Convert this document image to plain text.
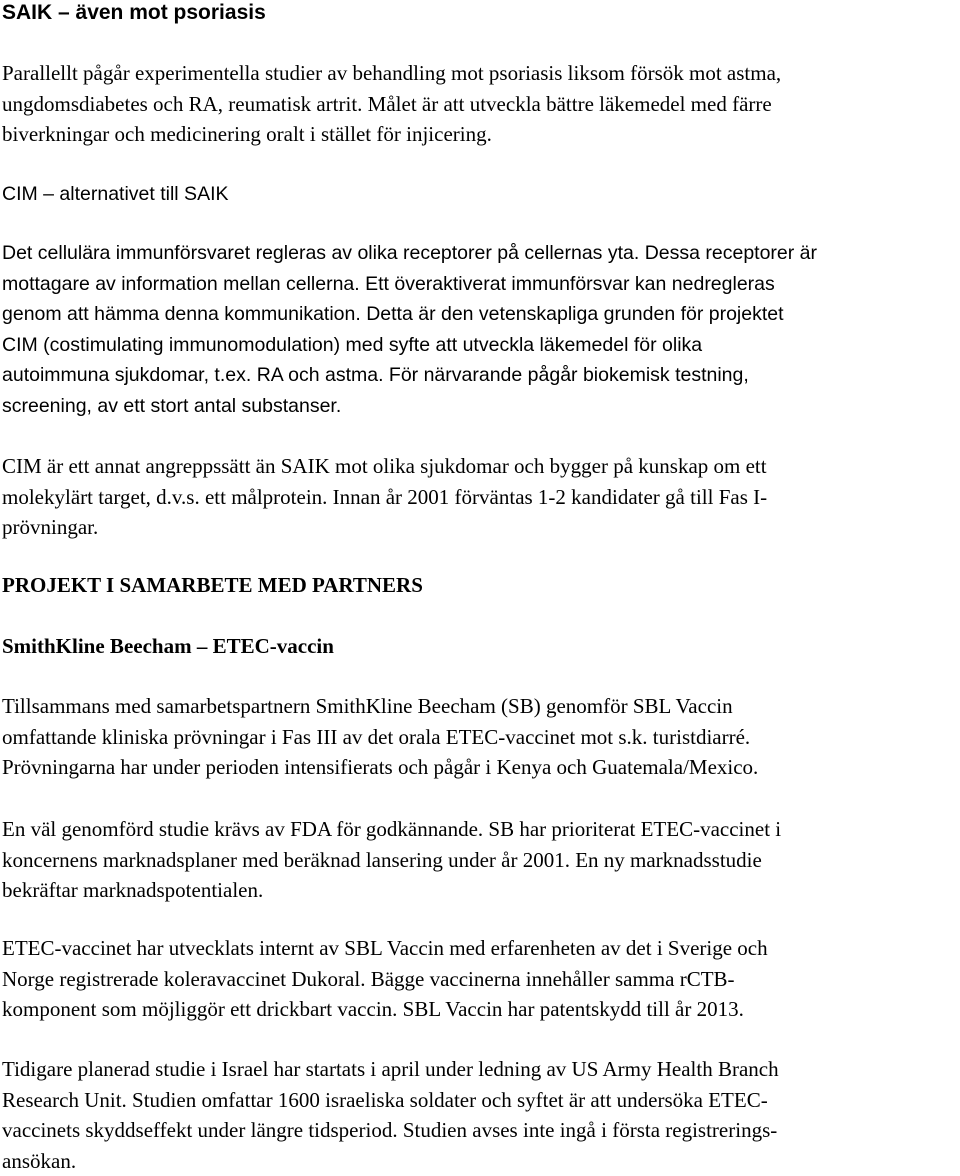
SAIK – även mot psoriasis
Parallellt pågår experimentella studier av behandling mot psoriasis liksom försök mot astma,
ungdomsdiabetes och RA, reumatisk artrit. Målet är att utveckla bättre läkemedel med färre
biverkningar och medicinering oralt i stället för injicering.
CIM – alternativet till SAIK
Det cellulära immunförsvaret regleras av olika receptorer på cellernas yta. Dessa receptorer är
mottagare av information mellan cellerna. Ett överaktiverat immunförsvar kan nedregleras
genom att hämma denna kommunikation. Detta är den vetenskapliga grunden för projektet
CIM (costimulating immunomodulation) med syfte att utveckla läkemedel för olika
autoimmuna sjukdomar, t.ex. RA och astma. För närvarande pågår biokemisk testning,
screening, av ett stort antal substanser.
CIM är ett annat angreppssätt än SAIK mot olika sjukdomar och bygger på kunskap om ett
molekylärt target, d.v.s. ett målprotein. Innan år 2001 förväntas 1-2 kandidater gå till Fas I-
prövningar.
PROJEKT I SAMARBETE MED PARTNERS
SmithKline Beecham – ETEC-vaccin
Tillsammans med samarbetspartnern SmithKline Beecham (SB) genomför SBL Vaccin
omfattande kliniska prövningar i Fas III av det orala ETEC-vaccinet mot s.k. turistdiarré.
Prövningarna har under perioden intensifierats och pågår i Kenya och Guatemala/Mexico.
En väl genomförd studie krävs av FDA för godkännande. SB har prioriterat ETEC-vaccinet i
koncernens marknadsplaner med beräknad lansering under år 2001. En ny marknadsstudie
bekräftar marknadspotentialen.
ETEC-vaccinet har utvecklats internt av SBL Vaccin med erfarenheten av det i Sverige och
Norge registrerade koleravaccinet Dukoral. Bägge vaccinerna innehåller samma rCTB-
komponent som möjliggör ett drickbart vaccin. SBL Vaccin har patentskydd till år 2013.
Tidigare planerad studie i Israel har startats i april under ledning av US Army Health Branch
Research Unit. Studien omfattar 1600 israeliska soldater och syftet är att undersöka ETEC-
vaccinets skyddseffekt under längre tidsperiod. Studien avses inte ingå i första registrerings-
ansökan.
